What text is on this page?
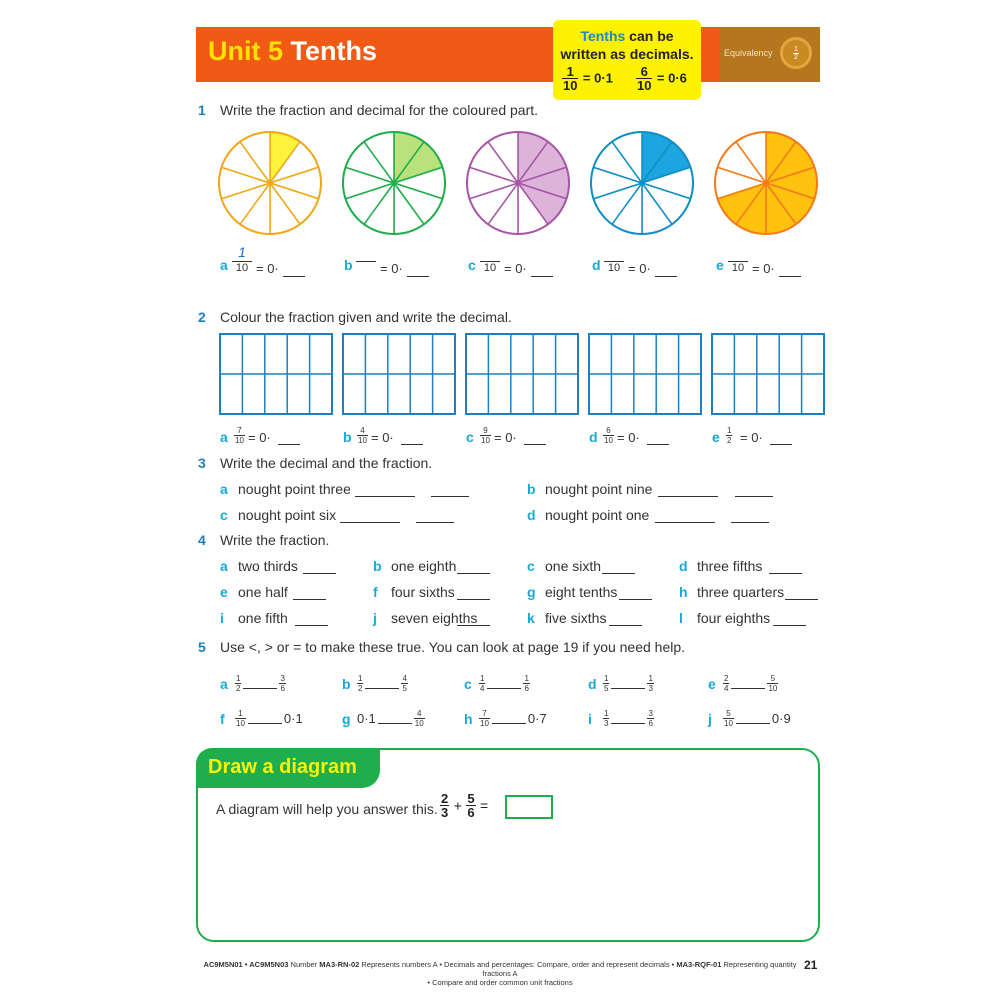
Unit 5 Tenths	Tenths can be
written as decimals.
$\frac{1}{10} = 0\cdot 1 \frac{6}{10} = 0\cdot 6$
Equivalency	$\frac{1}{2}$
1 Write the fraction and decimal for the coloured part.
a
1
10 = 0·	b = 0·	c 10 = 0·	d 10 = 0·	e 10 = 0·
2 Colour the fraction given and write the decimal.
a $\frac{7}{10} = 0\cdot$	b $\frac{4}{10} = 0\cdot$	c $\frac{9}{10} = 0\cdot$	d $\frac{6}{10} = 0\cdot$	e $\frac{1}{2} = 0\cdot$
3 Write the decimal and the fraction.
a nought point three	b nought point nine
c nought point six	d nought point one
4 Write the fraction.
a two thirds	b one eighth	c one sixth	d three fifths
e one half	f four sixths	g eight tenths	h three quarters
i one fifth	j seven eighths	k five sixths	l four eighths
5 Use <, > or = to make these true. You can look at page 19 if you need help.
a $\frac{1}{2}$	$\frac{3}{6}$	b $\frac{1}{2}$	$\frac{4}{5}$	c $\frac{1}{4}$	$\frac{1}{6}$	d $\frac{1}{5}$	$\frac{1}{3}$	e $\frac{2}{4}$	$\frac{5}{10}$
f $\frac{1}{10}$	0·1	g 0·1	$\frac{4}{10}$	h $\frac{7}{10}$	0·7	i $\frac{1}{3}$	$\frac{3}{6}$	j $\frac{5}{10}$	0·9
Draw a diagram
A diagram will help you answer this. $\frac{2}{3} + \frac{5}{6}$ =
AC9M5N01 • AC9M5N03 Number MA3-RN-02 Represents numbers A • Decimals and percentages: Compare, order and represent decimals • MA3-RQF-01 Representing quantity fractions A
• Compare and order common unit fractions
21
